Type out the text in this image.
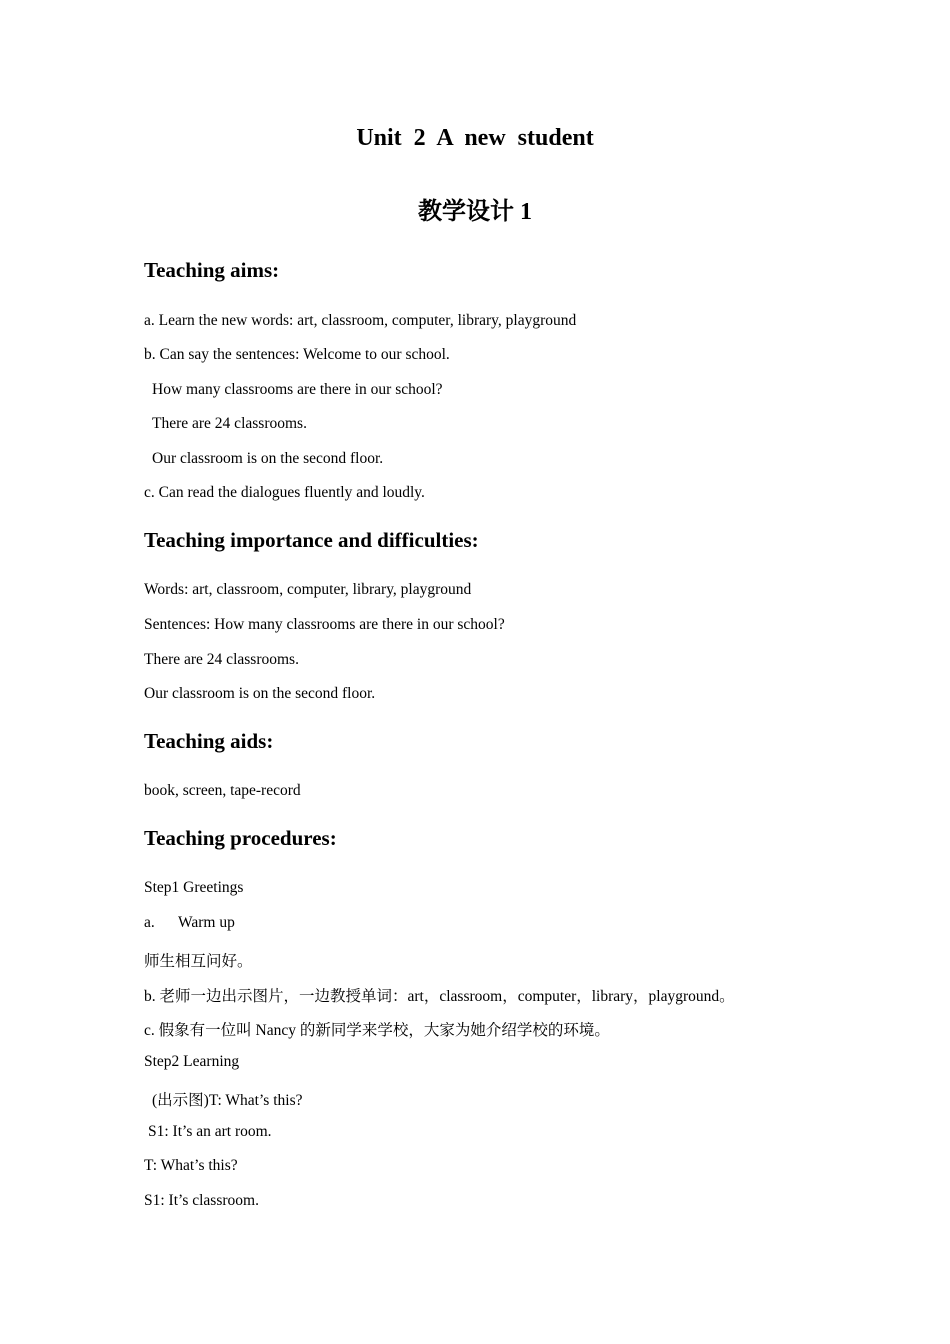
Unit 2 A new student
教学设计 1
Teaching aims:
a. Learn the new words: art, classroom, computer, library, playground
b. Can say the sentences: Welcome to our school.
How many classrooms are there in our school?
There are 24 classrooms.
Our classroom is on the second floor.
c. Can read the dialogues fluently and loudly.
Teaching importance and difficulties:
Words: art, classroom, computer, library, playground
Sentences: How many classrooms are there in our school?
There are 24 classrooms.
Our classroom is on the second floor.
Teaching aids:
book, screen, tape-record
Teaching procedures:
Step1 Greetings
a. Warm up
师生相互问好。
b. 老师一边出示图片，一边教授单词：art，classroom，computer，library，playground。
c. 假象有一位叫 Nancy 的新同学来学校，大家为她介绍学校的环境。
Step2 Learning
(出示图)T: What’s this?
S1: It’s an art room.
T: What’s this?
S1: It’s classroom.
